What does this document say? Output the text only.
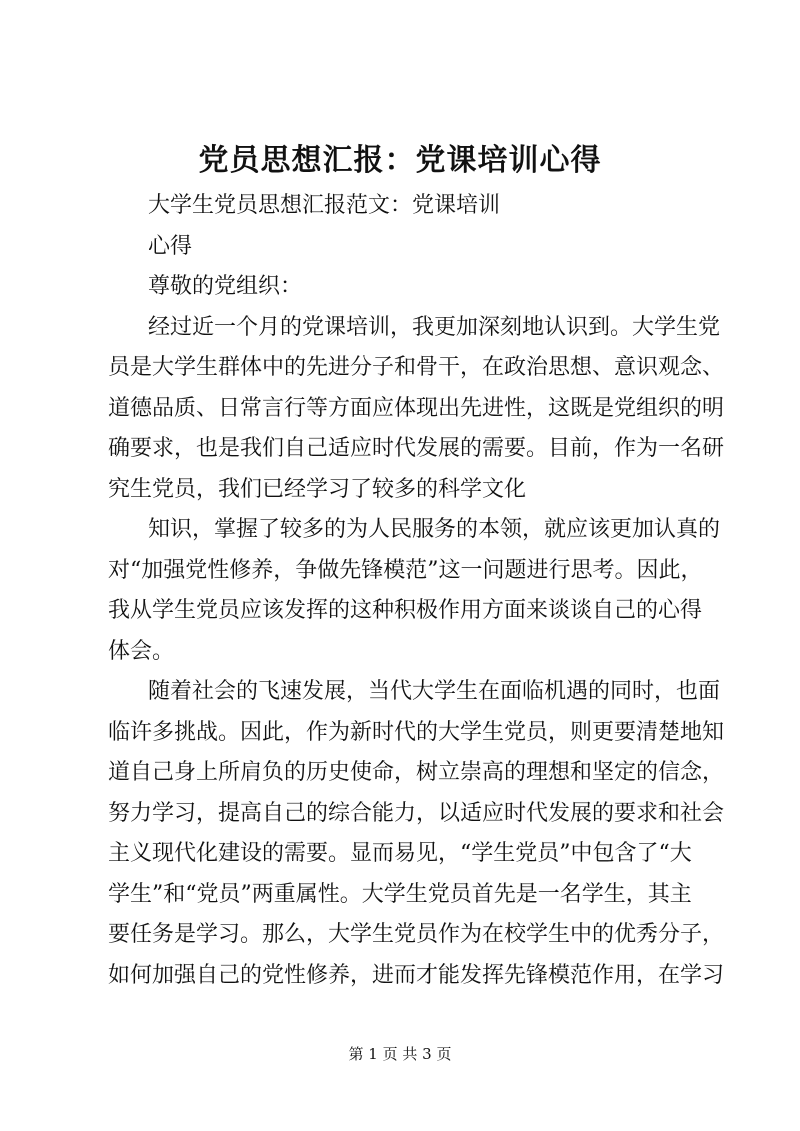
党员思想汇报：党课培训心得
大学生党员思想汇报范文：党课培训
心得
尊敬的党组织：
经过近一个月的党课培训，我更加深刻地认识到。大学生党
员是大学生群体中的先进分子和骨干，在政治思想、意识观念、
道德品质、日常言行等方面应体现出先进性，这既是党组织的明
确要求，也是我们自己适应时代发展的需要。目前，作为一名研
究生党员，我们已经学习了较多的科学文化
知识，掌握了较多的为人民服务的本领，就应该更加认真的
对“加强党性修养，争做先锋模范”这一问题进行思考。因此，
我从学生党员应该发挥的这种积极作用方面来谈谈自己的心得
体会。
随着社会的飞速发展，当代大学生在面临机遇的同时，也面
临许多挑战。因此，作为新时代的大学生党员，则更要清楚地知
道自己身上所肩负的历史使命，树立崇高的理想和坚定的信念，
努力学习，提高自己的综合能力，以适应时代发展的要求和社会
主义现代化建设的需要。显而易见，“学生党员”中包含了“大
学生”和“党员”两重属性。大学生党员首先是一名学生，其主
要任务是学习。那么，大学生党员作为在校学生中的优秀分子，
如何加强自己的党性修养，进而才能发挥先锋模范作用，在学习
第 1 页 共 3 页
